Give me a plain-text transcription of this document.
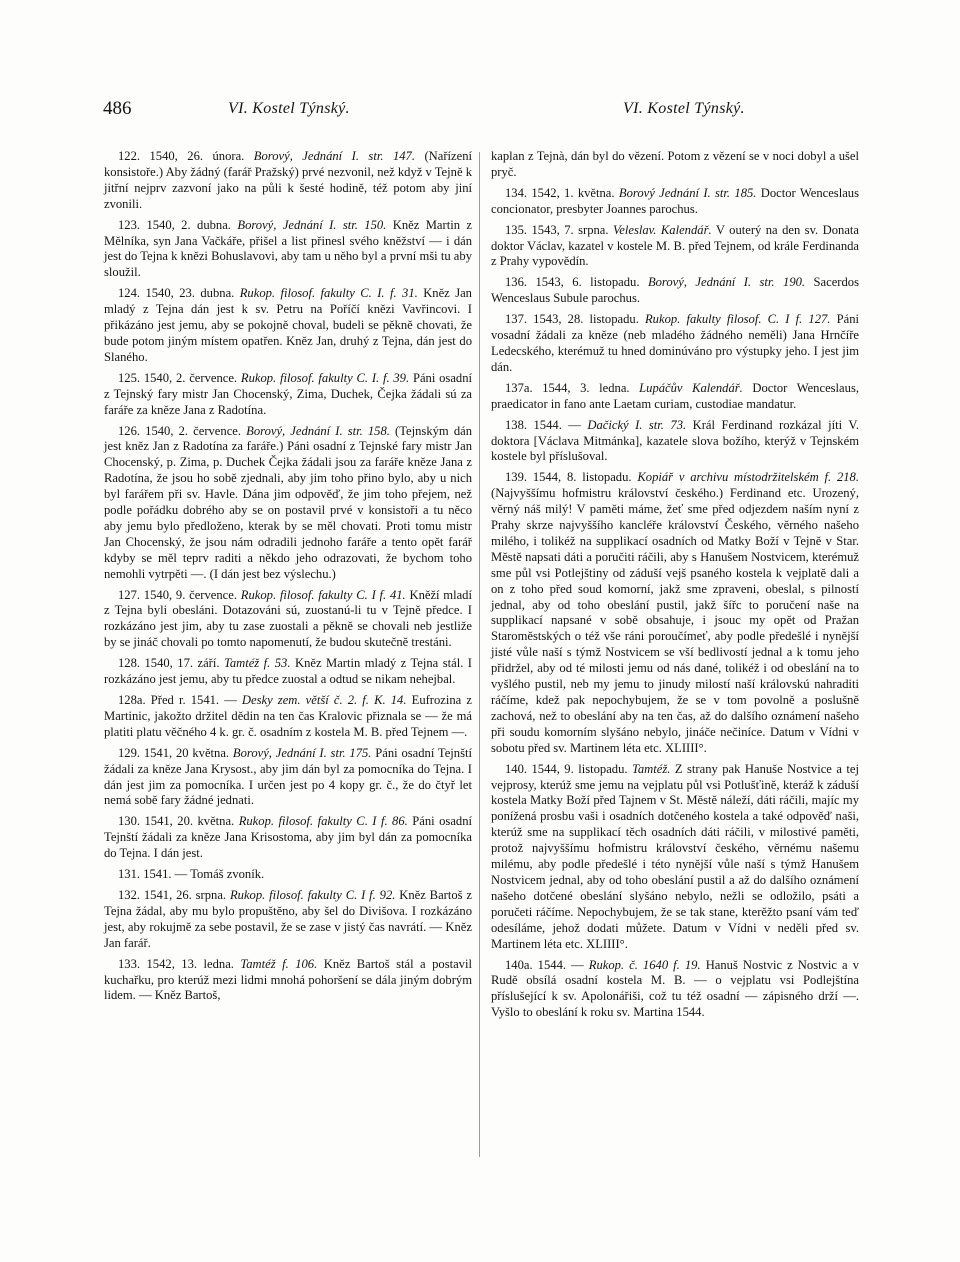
486	VI. Kostel Týnský.	VI. Kostel Týnský.

122. 1540, 26. února. Borový, Jednání I. str. 147. (Nařízení konsistoře.) Aby žádný (farář Pražský) prvé nezvonil, než když v Tejně k jitřní nejprv zazvoní jako na půli k šesté hodině, též potom aby jiní zvonili.

123. 1540, 2. dubna. Borový, Jednání I. str. 150. Kněz Martin z Mělníka, syn Jana Vačkáře, přišel a list přinesl svého kněžství — i dán jest do Tejna k knězi Bohuslavovi, aby tam u něho byl a první mši tu aby sloužil.

124. 1540, 23. dubna. Rukop. filosof. fakulty C. I. f. 31. Kněz Jan mladý z Tejna dán jest k sv. Petru na Poříčí knězi Vavřincovi. I přikázáno jest jemu, aby se pokojně choval, budeli se pěkně chovati, že bude potom jiným místem opatřen. Kněz Jan, druhý z Tejna, dán jest do Slaného.

125. 1540, 2. července. Rukop. filosof. fakulty C. I. f. 39. Páni osadní z Tejnský fary mistr Jan Chocenský, Zima, Duchek, Čejka žádali sú za faráře za kněze Jana z Radotína.

126. 1540, 2. července. Borový, Jednání I. str. 158. (Tejnským dán jest kněz Jan z Radotína za faráře.) Páni osadní z Tejnské fary mistr Jan Chocenský, p. Zima, p. Duchek Čejka žádali jsou za faráře kněze Jana z Radotína, že jsou ho sobě zjednali, aby jim toho přino bylo, aby u nich byl farářem při sv. Havle. Dána jim odpověď, že jim toho přejem, než podle pořádku dobrého aby se on postavil prvé v konsistoři a tu něco aby jemu bylo předloženo, kterak by se měl chovati. Proti tomu mistr Jan Chocenský, že jsou nám odradili jednoho faráře a tento opět farář kdyby se měl teprv raditi a někdo jeho odrazovati, že bychom toho nemohli vytrpěti —. (I dán jest bez výslechu.)

127. 1540, 9. července. Rukop. filosof. fakulty C. I f. 41. Kněží mladí z Tejna byli obesláni. Dotazováni sú, zuostanú-li tu v Tejně předce. I rozkázáno jest jim, aby tu zase zuostali a pěkně se chovali neb jestliže by se jináč chovali po tomto napomenutí, že budou skutečně trestáni.

128. 1540, 17. září. Tamtéž f. 53. Kněz Martin mladý z Tejna stál. I rozkázáno jest jemu, aby tu předce zuostal a odtud se nikam nehejbal.

128a. Před r. 1541. — Desky zem. větší č. 2. f. K. 14. Eufrozina z Martinic, jakožto držitel dědin na ten čas Kralovic přiznala se — že má platiti platu věčného 4 k. gr. č. osadním z kostela M. B. před Tejnem —.

129. 1541, 20 května. Borový, Jednání I. str. 175. Páni osadní Tejnští žádali za kněze Jana Krysost., aby jim dán byl za pomocníka do Tejna. I dán jest jim za pomocníka. I určen jest po 4 kopy gr. č., že do čtyř let nemá sobě fary žádné jednati.

130. 1541, 20. května. Rukop. filosof. fakulty C. I f. 86. Páni osadní Tejnští žádali za kněze Jana Krisostoma, aby jim byl dán za pomocníka do Tejna. I dán jest.

131. 1541. — Tomáš zvoník.

132. 1541, 26. srpna. Rukop. filosof. fakulty C. I f. 92. Kněz Bartoš z Tejna žádal, aby mu bylo propuštěno, aby šel do Divišova. I rozkázáno jest, aby rokujmě za sebe postavil, že se zase v jistý čas navrátí. — Kněz Jan farář.

133. 1542, 13. ledna. Tamtéž f. 106. Kněz Bartoš stál a postavil kuchařku, pro kterúž mezi lidmi mnohá pohoršení se dála jiným dobrým lidem. — Kněz Bartoš,

kaplan z Tejnà, dán byl do vězení. Potom z vězení se v noci dobyl a ušel pryč.

134. 1542, 1. května. Borový Jednání I. str. 185. Doctor Wenceslaus concionator, presbyter Joannes parochus.

135. 1543, 7. srpna. Veleslav. Kalendář. V outerý na den sv. Donata doktor Václav, kazatel v kostele M. B. před Tejnem, od krále Ferdinanda z Prahy vypovědín.

136. 1543, 6. listopadu. Borový, Jednání I. str. 190. Sacerdos Wenceslaus Subule parochus.

137. 1543, 28. listopadu. Rukop. fakulty filosof. C. I f. 127. Páni vosadní žádali za kněze (neb mladého žádného neměli) Jana Hrnčíře Ledecského, kterémuž tu hned dominúváno pro výstupky jeho. I jest jim dán.

137a. 1544, 3. ledna. Lupáčův Kalendář. Doctor Wenceslaus, praedicator in fano ante Laetam curiam, custodiae mandatur.

138. 1544. — Dačický I. str. 73. Král Ferdinand rozkázal jíti V. doktora [Václava Mitmánka], kazatele slova božího, kterýž v Tejnském kostele byl příslušoval.

139. 1544, 8. listopadu. Kopiář v archivu místodržitelském f. 218. (Najvyššímu hofmistru království českého.) Ferdinand etc. Urozený, věrný náš milý! V paměti máme, žeť sme před odjezdem naším nyní z Prahy skrze najvyššího kancléře království Českého, věrného našeho milého, i tolikéž na supplikací osadních od Matky Boží v Tejně v Star. Městě napsati dáti a poručiti ráčili, aby s Hanušem Nostvicem, kterémuž sme půl vsi Potlejštiny od záduší vejš psaného kostela k vejplatě dali a on z toho před soud komorní, jakž sme zpraveni, obeslal, s pilností jednal, aby od toho obeslání pustil, jakž šířc to poručení naše na supplikací napsané v sobě obsahuje, i jsouc my opět od Pražan Staroměstských o též vše ráni poroučímeť, aby podle předešlé i nynější jisté vůle naší s týmž Nostvicem se vší bedlivostí jednal a k tomu jeho přidržel, aby od té milosti jemu od nás dané, tolikéž i od obeslání na to vyšlého pustil, neb my jemu to jinudy milostí naší královskú nahraditi ráčíme, kdež pak nepochybujem, že se v tom povolně a poslušně zachová, než to obeslání aby na ten čas, až do dalšího oznámení našeho při soudu komorním slyšáno nebylo, jináče nečiníce. Datum v Vídni v sobotu před sv. Martinem léta etc. XLIIII°.

140. 1544, 9. listopadu. Tamtéž. Z strany pak Hanuše Nostvice a tej vejprosy, kterúž sme jemu na vejplatu půl vsi Potlušťině, kteráž k záduší kostela Matky Boží před Tajnem v St. Městě náleží, dáti ráčili, majíc my ponížená prosbu vaši i osadních dotčeného kostela a také odpověď naši, kterúž sme na supplikací těch osadních dáti ráčili, v milostivé paměti, protož najvyššímu hofmistru království českého, věrnému našemu milému, aby podle předešlé i této nynější vůle naší s týmž Hanušem Nostvicem jednal, aby od toho obeslání pustil a až do dalšího oznámení našeho dotčené obeslání slyšáno nebylo, nežli se odložilo, psáti a poručeti ráčíme. Nepochybujem, že se tak stane, kterěžto psaní vám teď odesíláme, jehož dodati můžete. Datum v Vídni v neděli před sv. Martinem léta etc. XLIIII°.

140a. 1544. — Rukop. č. 1640 f. 19. Hanuš Nostvic z Nostvic a v Rudě obsílá osadní kostela M. B. — o vejplatu vsi Podlejštína příslušející k sv. Apolonářiši, což tu též osadní — zápisného drží —. Vyšlo to obeslání k roku sv. Martina 1544.
